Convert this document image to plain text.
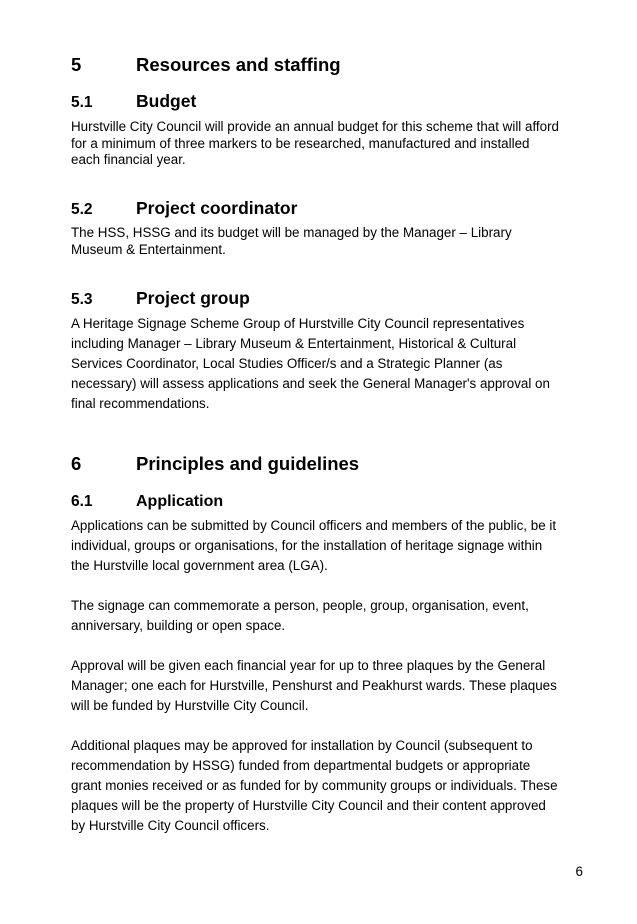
5	Resources and staffing
5.1 Budget
Hurstville City Council will provide an annual budget for this scheme that will afford
for a minimum of three markers to be researched, manufactured and installed
each financial year.
5.2 Project coordinator
The HSS, HSSG and its budget will be managed by the Manager – Library
Museum & Entertainment.
5.3 Project group
A Heritage Signage Scheme Group of Hurstville City Council representatives
including Manager – Library Museum & Entertainment, Historical & Cultural
Services Coordinator, Local Studies Officer/s and a Strategic Planner (as
necessary) will assess applications and seek the General Manager's approval on
final recommendations.
6	Principles and guidelines
6.1	Application
Applications can be submitted by Council officers and members of the public, be it
individual, groups or organisations, for the installation of heritage signage within
the Hurstville local government area (LGA).
The signage can commemorate a person, people, group, organisation, event,
anniversary, building or open space.
Approval will be given each financial year for up to three plaques by the General
Manager; one each for Hurstville, Penshurst and Peakhurst wards. These plaques
will be funded by Hurstville City Council.
Additional plaques may be approved for installation by Council (subsequent to
recommendation by HSSG) funded from departmental budgets or appropriate
grant monies received or as funded for by community groups or individuals. These
plaques will be the property of Hurstville City Council and their content approved
by Hurstville City Council officers.
6
